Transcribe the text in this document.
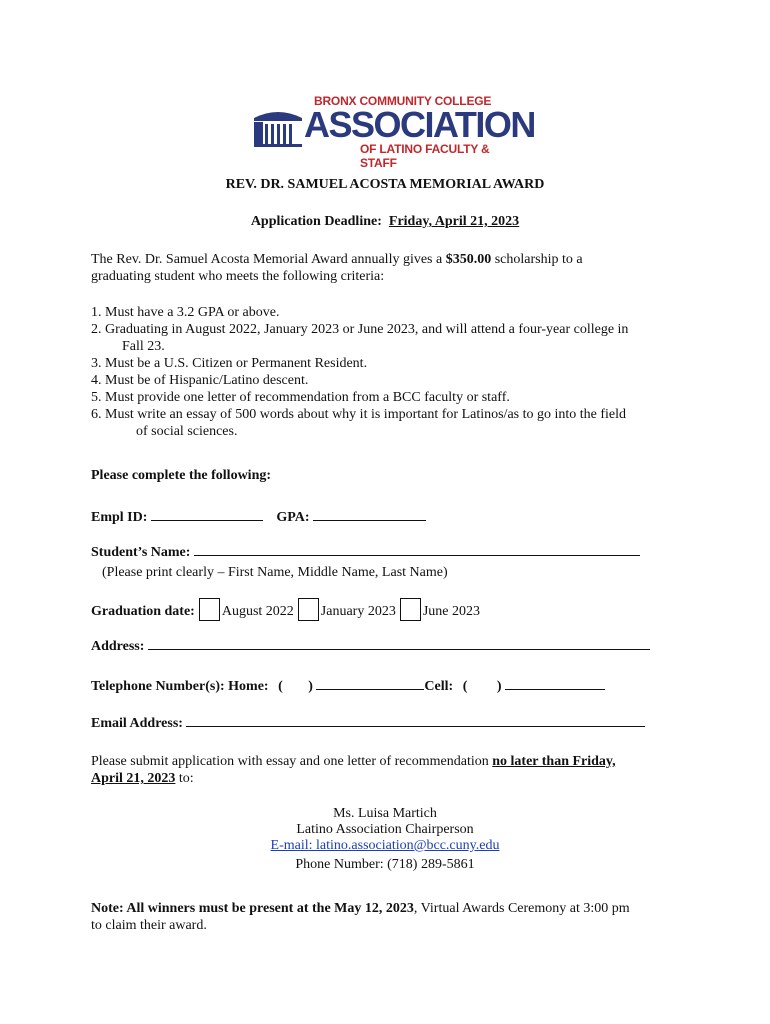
BRONX COMMUNITY COLLEGE
ASSOCIATION
OF LATINO FACULTY & STAFF
REV. DR. SAMUEL ACOSTA MEMORIAL AWARD
Application Deadline: Friday, April 21, 2023
The Rev. Dr. Samuel Acosta Memorial Award annually gives a $350.00 scholarship to a
graduating student who meets the following criteria:
1. Must have a 3.2 GPA or above.
2. Graduating in August 2022, January 2023 or June 2023, and will attend a four-year college in
Fall 23.
3. Must be a U.S. Citizen or Permanent Resident.
4. Must be of Hispanic/Latino descent.
5. Must provide one letter of recommendation from a BCC faculty or staff.
6. Must write an essay of 500 words about why it is important for Latinos/as to go into the field
of social sciences.
Please complete the following:
Empl ID:	GPA:
Student’s Name:
(Please print clearly – First Name, Middle Name, Last Name)
Graduation date: August 2022 January 2023 June 2023
Address:
Telephone Number(s): Home: ( )	Cell: ( )
Email Address:
Please submit application with essay and one letter of recommendation no later than Friday,
April 21, 2023 to:
Ms. Luisa Martich
Latino Association Chairperson
E-mail: latino.association@bcc.cuny.edu
Phone Number: (718) 289-5861
Note: All winners must be present at the May 12, 2023, Virtual Awards Ceremony at 3:00 pm
to claim their award.
